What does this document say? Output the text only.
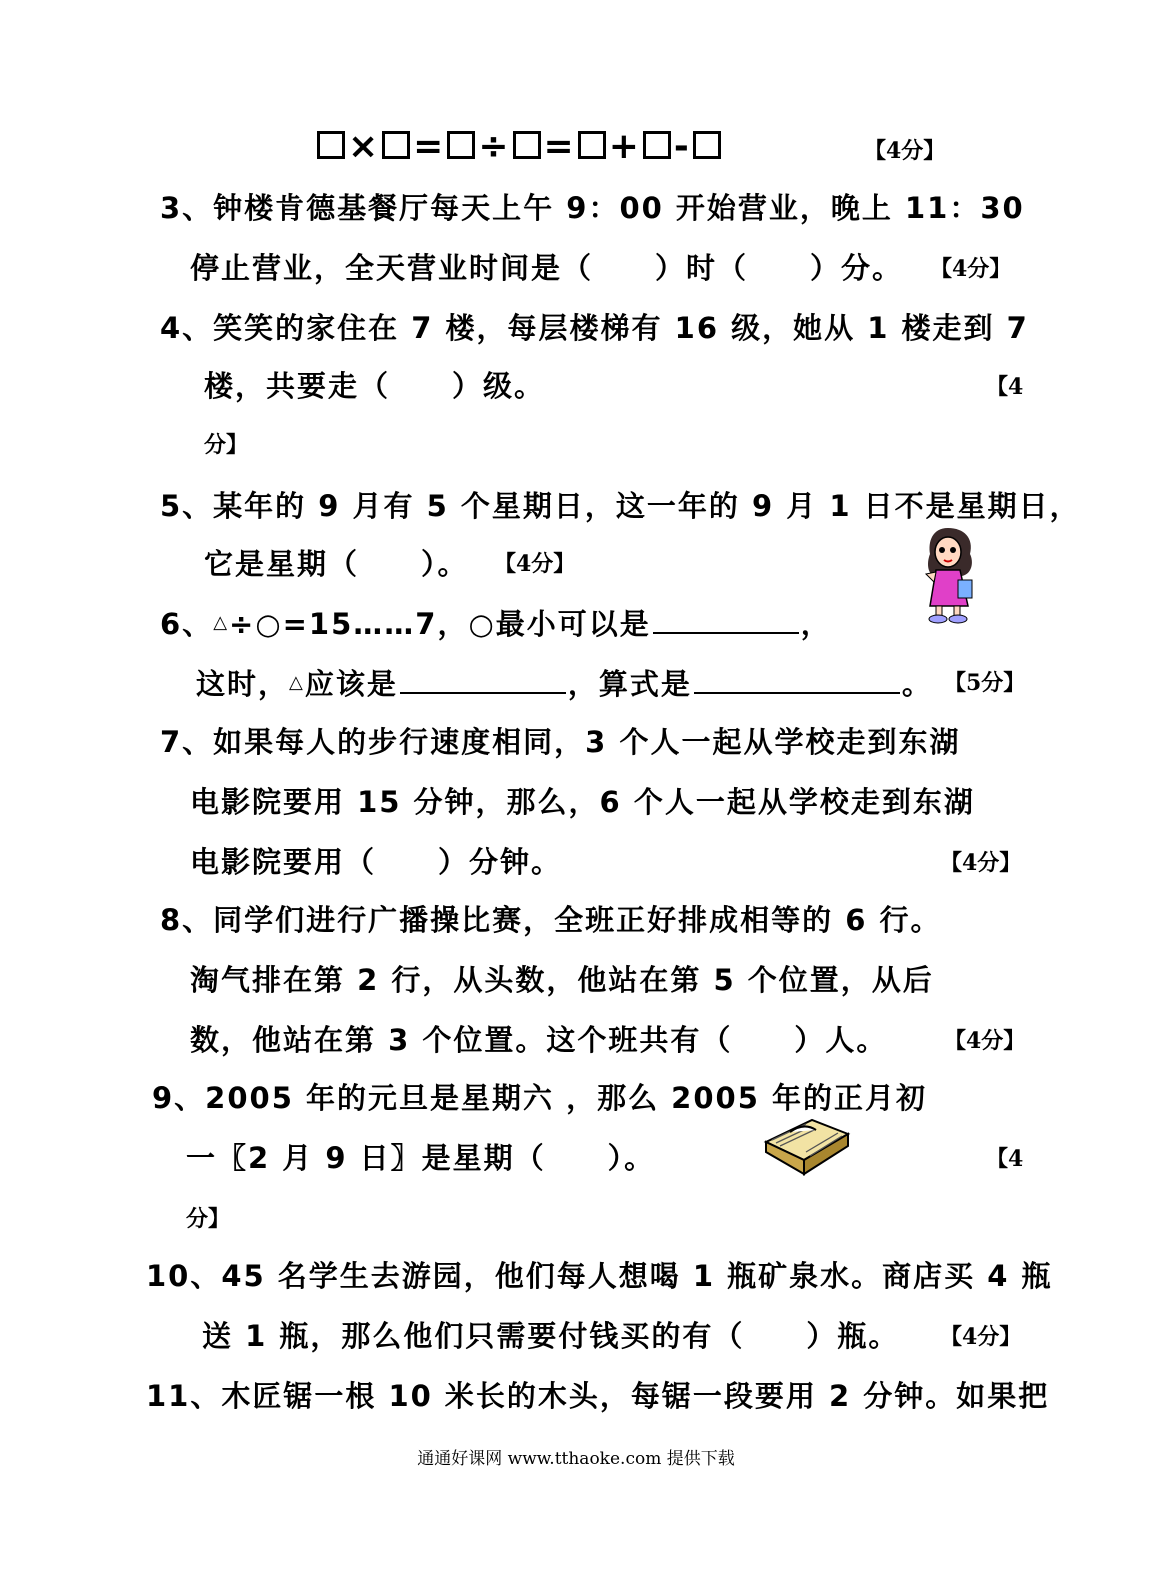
× = ÷ = + -	【4分】
3、钟楼肯德基餐厅每天上午 9：00 开始营业，晚上 11：30
停止营业，全天营业时间是（　　）时（　　）分。 【4分】
4、笑笑的家住在 7 楼，每层楼梯有 16 级，她从 1 楼走到 7
楼，共要走（　　）级。	【4
分】
5、某年的 9 月有 5 个星期日，这一年的 9 月 1 日不是星期日，
它是星期（　　）。 【4分】
6、△÷○=15……7，○最小可以是	，
这时，△应该是	，算式是	。 【5分】
7、如果每人的步行速度相同，3 个人一起从学校走到东湖
电影院要用 15 分钟，那么，6 个人一起从学校走到东湖
电影院要用（　　）分钟。	【4分】
8、同学们进行广播操比赛，全班正好排成相等的 6 行。
淘气排在第 2 行，从头数，他站在第 5 个位置，从后
数，他站在第 3 个位置。这个班共有（　　）人。	【4分】
9、2005 年的元旦是星期六 ，那么 2005 年的正月初
一〖2 月 9 日〗是星期（　　）。	【4
分】
10、45 名学生去游园，他们每人想喝 1 瓶矿泉水。商店买 4 瓶
送 1 瓶，那么他们只需要付钱买的有（　　）瓶。 【4分】
11、木匠锯一根 10 米长的木头，每锯一段要用 2 分钟。如果把
通通好课网 www.tthaoke.com 提供下载
